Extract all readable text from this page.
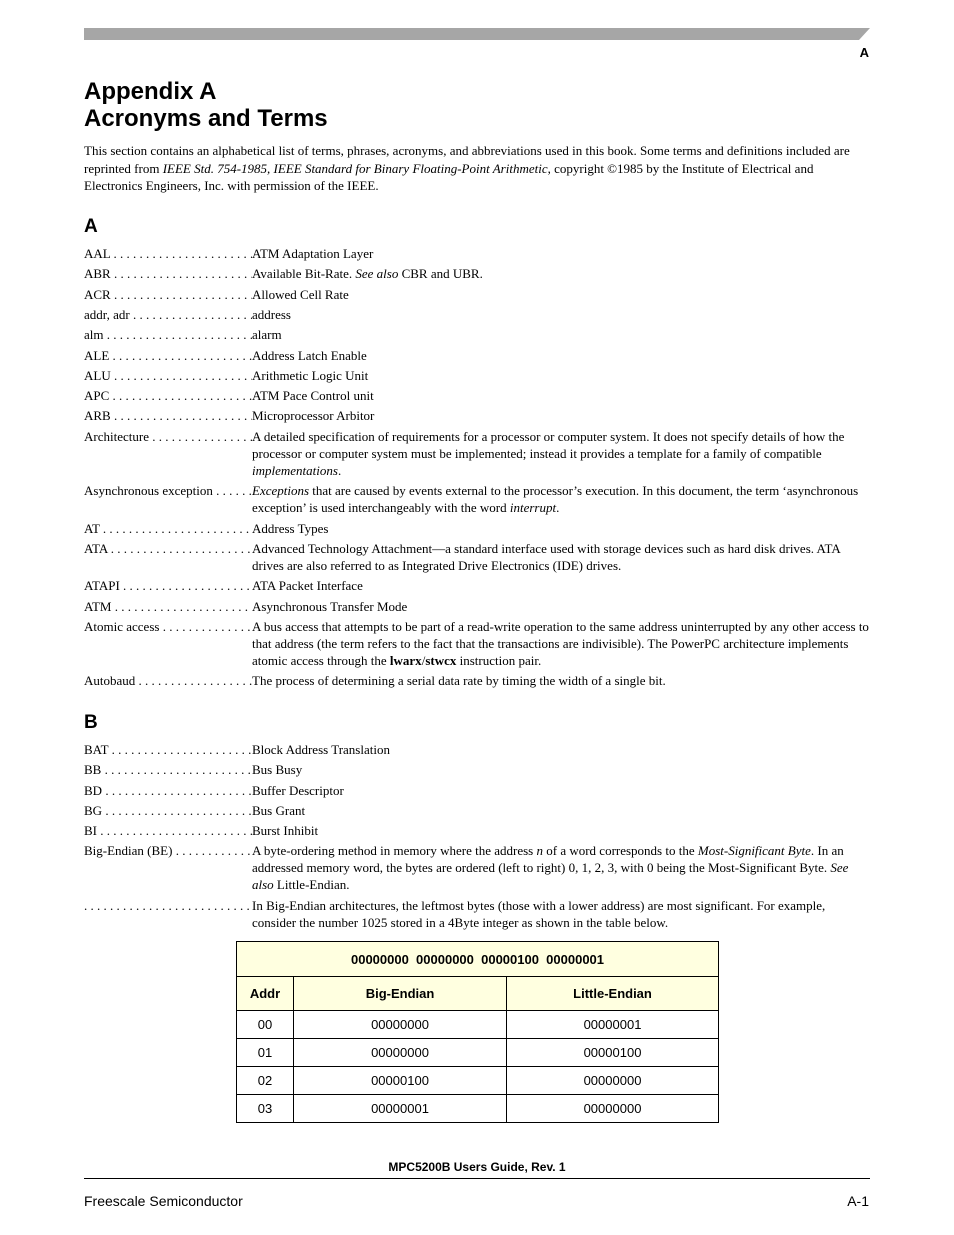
A
Appendix A
Acronyms and Terms

This section contains an alphabetical list of terms, phrases, acronyms, and abbreviations used in this book. Some terms and definitions included are reprinted from IEEE Std. 754-1985, IEEE Standard for Binary Floating-Point Arithmetic, copyright ©1985 by the Institute of Electrical and Electronics Engineers, Inc. with permission of the IEEE.

A
AAL . . .	ATM Adaptation Layer
ABR . . .	Available Bit-Rate. See also CBR and UBR.
ACR . . .	Allowed Cell Rate
addr, adr . . .	address
alm . . .	alarm
ALE . . .	Address Latch Enable
ALU . . .	Arithmetic Logic Unit
APC . . .	ATM Pace Control unit
ARB . . .	Microprocessor Arbitor
Architecture . . .	A detailed specification of requirements for a processor or computer system. It does not specify details of how the processor or computer system must be implemented; instead it provides a template for a family of compatible implementations.
Asynchronous exception . . .	Exceptions that are caused by events external to the processor’s execution. In this document, the term ‘asynchronous exception’ is used interchangeably with the word interrupt.
AT . . .	Address Types
ATA . . .	Advanced Technology Attachment—a standard interface used with storage devices such as hard disk drives. ATA drives are also referred to as Integrated Drive Electronics (IDE) drives.
ATAPI . . .	ATA Packet Interface
ATM . . .	Asynchronous Transfer Mode
Atomic access . . .	A bus access that attempts to be part of a read-write operation to the same address uninterrupted by any other access to that address (the term refers to the fact that the transactions are indivisible). The PowerPC architecture implements atomic access through the lwarx/stwcx instruction pair.
Autobaud . . .	The process of determining a serial data rate by timing the width of a single bit.
B
BAT . . .	Block Address Translation
BB . . .	Bus Busy
BD . . .	Buffer Descriptor
BG . . .	Bus Grant
BI . . .	Burst Inhibit
Big-Endian (BE) . . .	A byte-ordering method in memory where the address n of a word corresponds to the Most-Significant Byte. In an addressed memory word, the bytes are ordered (left to right) 0, 1, 2, 3, with 0 being the Most-Significant Byte. See also Little-Endian.
. . .
In Big-Endian architectures, the leftmost bytes (those with a lower address) are most significant. For example, consider the number 1025 stored in a 4Byte integer as shown in the table below.
00000000  00000000  00000100  00000001		
Addr	Big-Endian	Little-Endian
00	00000000	00000001
01	00000000	00000100
02	00000100	00000000
03	00000001	00000000
MPC5200B Users Guide, Rev. 1
Freescale Semiconductor	A-1
